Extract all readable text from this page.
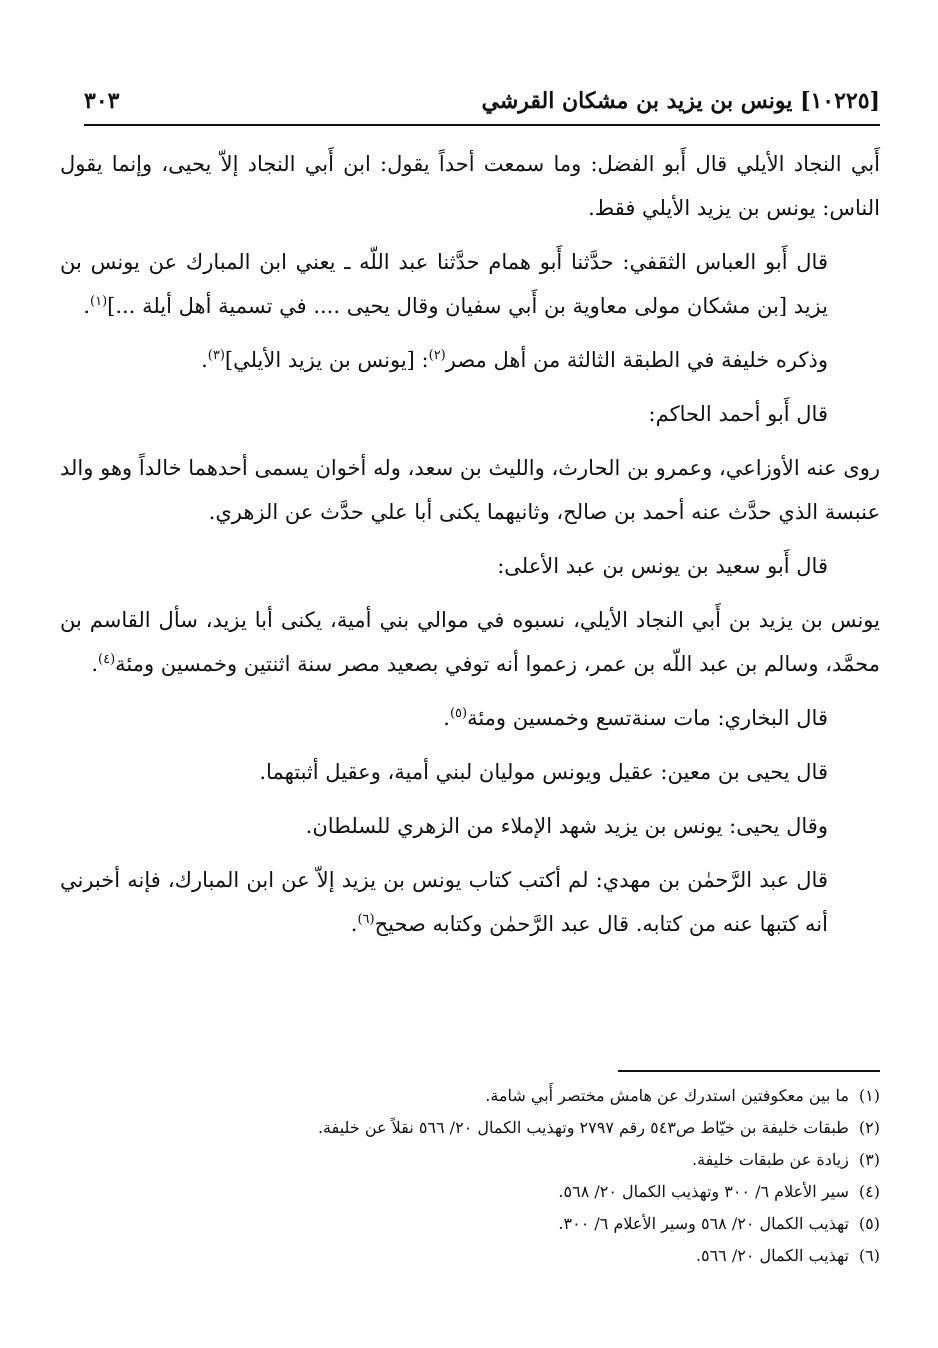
[١٠٢٢٥] يونس بن يزيد بن مشكان القرشي
٣٠٣

أَبي النجاد الأيلي قال أَبو الفضل: وما سمعت أحداً يقول: ابن أَبي النجاد إلاّ يحيى، وإنما يقول الناس: يونس بن يزيد الأيلي فقط.

قال أَبو العباس الثقفي: حدَّثنا أَبو همام حدَّثنا عبد اللّه ـ يعني ابن المبارك عن يونس بن يزيد [بن مشكان مولى معاوية بن أَبي سفيان وقال يحيى .... في تسمية أهل أيلة ...]$^{(١)}$.

وذكره خليفة في الطبقة الثالثة من أهل مصر$^{(٢)}$: [يونس بن يزيد الأيلي]$^{(٣)}$.

قال أَبو أحمد الحاكم:

روى عنه الأوزاعي، وعمرو بن الحارث، والليث بن سعد، وله أخوان يسمى أحدهما خالداً وهو والد عنبسة الذي حدَّث عنه أحمد بن صالح، وثانيهما يكنى أبا علي حدَّث عن الزهري.

قال أَبو سعيد بن يونس بن عبد الأعلى:

يونس بن يزيد بن أَبي النجاد الأيلي، نسبوه في موالي بني أمية، يكنى أبا يزيد، سأل القاسم بن محمَّد، وسالم بن عبد اللّه بن عمر، زعموا أنه توفي بصعيد مصر سنة اثنتين وخمسين ومئة$^{(٤)}$.

قال البخاري: مات سنةتسع وخمسين ومئة$^{(٥)}$.

قال يحيى بن معين: عقيل ويونس موليان لبني أمية، وعقيل أثبتهما.

وقال يحيى: يونس بن يزيد شهد الإملاء من الزهري للسلطان.

قال عبد الرَّحمٰن بن مهدي: لم أكتب كتاب يونس بن يزيد إلاّ عن ابن المبارك، فإنه أخبرني أنه كتبها عنه من كتابه. قال عبد الرَّحمٰن وكتابه صحيح$^{(٦)}$.

(١)ما بين معكوفتين استدرك عن هامش مختصر أَبي شامة.

(٢)طبقات خليفة بن خيّاط ص٥٤٣ رقم ٢٧٩٧ وتهذيب الكمال ٢٠/ ٥٦٦ نقلاً عن خليفة.

(٣)زيادة عن طبقات خليفة.

(٤)سير الأعلام ٦/ ٣٠٠ وتهذيب الكمال ٢٠/ ٥٦٨.

(٥)تهذيب الكمال ٢٠/ ٥٦٨ وسير الأعلام ٦/ ٣٠٠.

(٦)تهذيب الكمال ٢٠/ ٥٦٦.
